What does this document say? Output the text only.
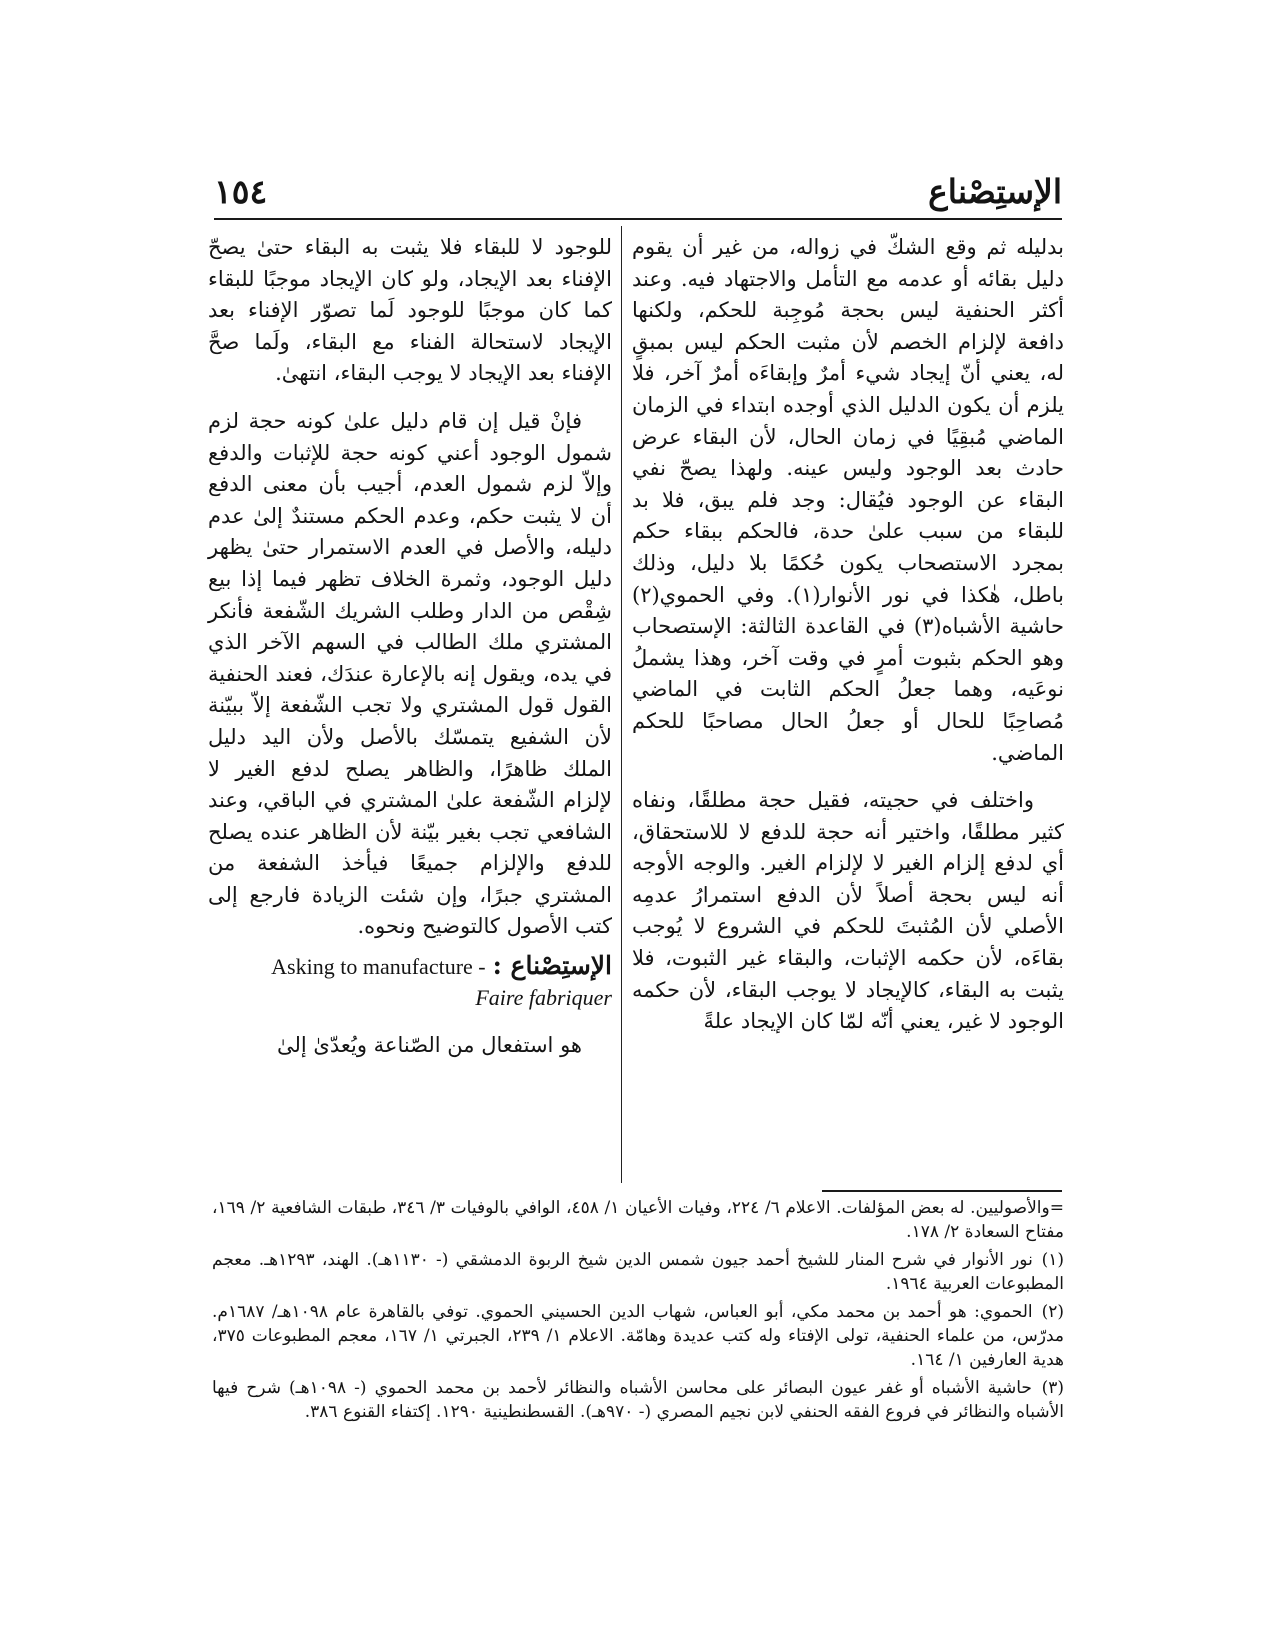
الإستِصْناع
١٥٤

بدليله ثم وقع الشكّ في زواله، من غير أن يقوم دليل بقائه أو عدمه مع التأمل والاجتهاد فيه. وعند أكثر الحنفية ليس بحجة مُوجِبة للحكم، ولكنها دافعة لإلزام الخصم لأن مثبت الحكم ليس بمبقٍ له، يعني أنّ إيجاد شيء أمرٌ وإبقاءَه أمرٌ آخر، فلا يلزم أن يكون الدليل الذي أوجده ابتداء في الزمان الماضي مُبقِيًا في زمان الحال، لأن البقاء عرض حادث بعد الوجود وليس عينه. ولهذا يصحّ نفي البقاء عن الوجود فيُقال: وجد فلم يبق، فلا بد للبقاء من سبب علىٰ حدة، فالحكم ببقاء حكم بمجرد الاستصحاب يكون حُكمًا بلا دليل، وذلك باطل، هٰكذا في نور الأنوار(١). وفي الحموي(٢) حاشية الأشباه(٣) في القاعدة الثالثة: الإستصحاب وهو الحكم بثبوت أمرٍ في وقت آخر، وهذا يشملُ نوعَيه، وهما جعلُ الحكم الثابت في الماضي مُصاحِبًا للحال أو جعلُ الحال مصاحبًا للحكم الماضي.

واختلف في حجيته، فقيل حجة مطلقًا، ونفاه كثير مطلقًا، واختير أنه حجة للدفع لا للاستحقاق، أي لدفع إلزام الغير لا لإلزام الغير. والوجه الأوجه أنه ليس بحجة أصلاً لأن الدفع استمرارُ عدمِه الأصلي لأن المُثبتَ للحكم في الشروع لا يُوجب بقاءَه، لأن حكمه الإثبات، والبقاء غير الثبوت، فلا يثبت به البقاء، كالإيجاد لا يوجب البقاء، لأن حكمه الوجود لا غير، يعني أنّه لمّا كان الإيجاد علةً

للوجود لا للبقاء فلا يثبت به البقاء حتىٰ يصحّ الإفناء بعد الإيجاد، ولو كان الإيجاد موجبًا للبقاء كما كان موجبًا للوجود لَما تصوّر الإفناء بعد الإيجاد لاستحالة الفناء مع البقاء، ولَما صحَّ الإفناء بعد الإيجاد لا يوجب البقاء، انتهىٰ.

فإنْ قيل إن قام دليل علىٰ كونه حجة لزم شمول الوجود أعني كونه حجة للإثبات والدفع وإلاّ لزم شمول العدم، أجيب بأن معنى الدفع أن لا يثبت حكم، وعدم الحكم مستندٌ إلىٰ عدم دليله، والأصل في العدم الاستمرار حتىٰ يظهر دليل الوجود، وثمرة الخلاف تظهر فيما إذا بيع شِقْص من الدار وطلب الشريك الشّفعة فأنكر المشتري ملك الطالب في السهم الآخر الذي في يده، ويقول إنه بالإعارة عندَك، فعند الحنفية القول قول المشتري ولا تجب الشّفعة إلاّ ببيّنة لأن الشفيع يتمسّك بالأصل ولأن اليد دليل الملك ظاهرًا، والظاهر يصلح لدفع الغير لا لإلزام الشّفعة علىٰ المشتري في الباقي، وعند الشافعي تجب بغير بيّنة لأن الظاهر عنده يصلح للدفع والإلزام جميعًا فيأخذ الشفعة من المشتري جبرًا، وإن شئت الزيادة فارجع إلى كتب الأصول كالتوضيح ونحوه.

الإستِصْناع : Asking to manufacture -
Faire fabriquer

هو استفعال من الصّناعة ويُعدّىٰ إلىٰ

=والأصوليين. له بعض المؤلفات. الاعلام ٦/ ٢٢٤، وفيات الأعيان ١/ ٤٥٨، الوافي بالوفيات ٣/ ٣٤٦، طبقات الشافعية ٢/ ١٦٩، مفتاح السعادة ٢/ ١٧٨.

(١) نور الأنوار في شرح المنار للشيخ أحمد جيون شمس الدين شيخ الربوة الدمشقي (- ١١٣٠هـ). الهند، ١٢٩٣هـ. معجم المطبوعات العربية ١٩٦٤.

(٢) الحموي: هو أحمد بن محمد مكي، أبو العباس، شهاب الدين الحسيني الحموي. توفي بالقاهرة عام ١٠٩٨هـ/ ١٦٨٧م. مدرّس، من علماء الحنفية، تولى الإفتاء وله كتب عديدة وهامّة. الاعلام ١/ ٢٣٩، الجبرتي ١/ ١٦٧، معجم المطبوعات ٣٧٥، هدية العارفين ١/ ١٦٤.

(٣) حاشية الأشباه أو غفر عيون البصائر على محاسن الأشباه والنظائر لأحمد بن محمد الحموي (- ١٠٩٨هـ) شرح فيها الأشباه والنظائر في فروع الفقه الحنفي لابن نجيم المصري (- ٩٧٠هـ). القسطنطينية ١٢٩٠. إكتفاء القنوع ٣٨٦.
